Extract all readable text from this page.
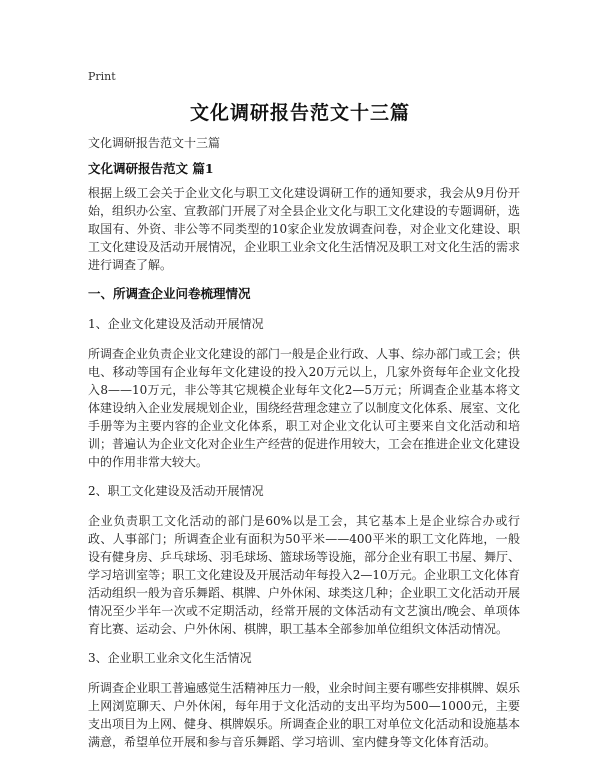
Print
文化调研报告范文十三篇

文化调研报告范文十三篇

文化调研报告范文 篇1

根据上级工会关于企业文化与职工文化建设调研工作的通知要求，我会从9月份开始，组织办公室、宣教部门开展了对全县企业文化与职工文化建设的专题调研，选取国有、外资、非公等不同类型的10家企业发放调查问卷，对企业文化建设、职工文化建设及活动开展情况，企业职工业余文化生活情况及职工对文化生活的需求进行调查了解。

一、所调查企业问卷梳理情况

1、企业文化建设及活动开展情况

所调查企业负责企业文化建设的部门一般是企业行政、人事、综办部门或工会；供电、移动等国有企业每年文化建设的投入20万元以上，几家外资每年企业文化投入8——10万元，非公等其它规模企业每年文化2—5万元；所调查企业基本将文体建设纳入企业发展规划企业，围绕经营理念建立了以制度文化体系、展室、文化手册等为主要内容的企业文化体系，职工对企业文化认可主要来自文化活动和培训；普遍认为企业文化对企业生产经营的促进作用较大，工会在推进企业文化建设中的作用非常大较大。

2、职工文化建设及活动开展情况

企业负责职工文化活动的部门是60%以是工会，其它基本上是企业综合办或行政、人事部门；所调查企业有面积为50平米——400平米的职工文化阵地，一般设有健身房、乒乓球场、羽毛球场、篮球场等设施，部分企业有职工书屋、舞厅、学习培训室等；职工文化建设及开展活动年每投入2—10万元。企业职工文化体育活动组织一般为音乐舞蹈、棋牌、户外休闲、球类这几种；企业职工文化活动开展情况至少半年一次或不定期活动，经常开展的文体活动有文艺演出/晚会、单项体育比赛、运动会、户外休闲、棋牌，职工基本全部参加单位组织文体活动情况。

3、企业职工业余文化生活情况

所调查企业职工普遍感觉生活精神压力一般，业余时间主要有哪些安排棋牌、娱乐上网浏览聊天、户外休闲，每年用于文化活动的支出平均为500—1000元，主要支出项目为上网、健身、棋牌娱乐。所调查企业的职工对单位文化活动和设施基本满意，希望单位开展和参与音乐舞蹈、学习培训、室内健身等文化体育活动。
